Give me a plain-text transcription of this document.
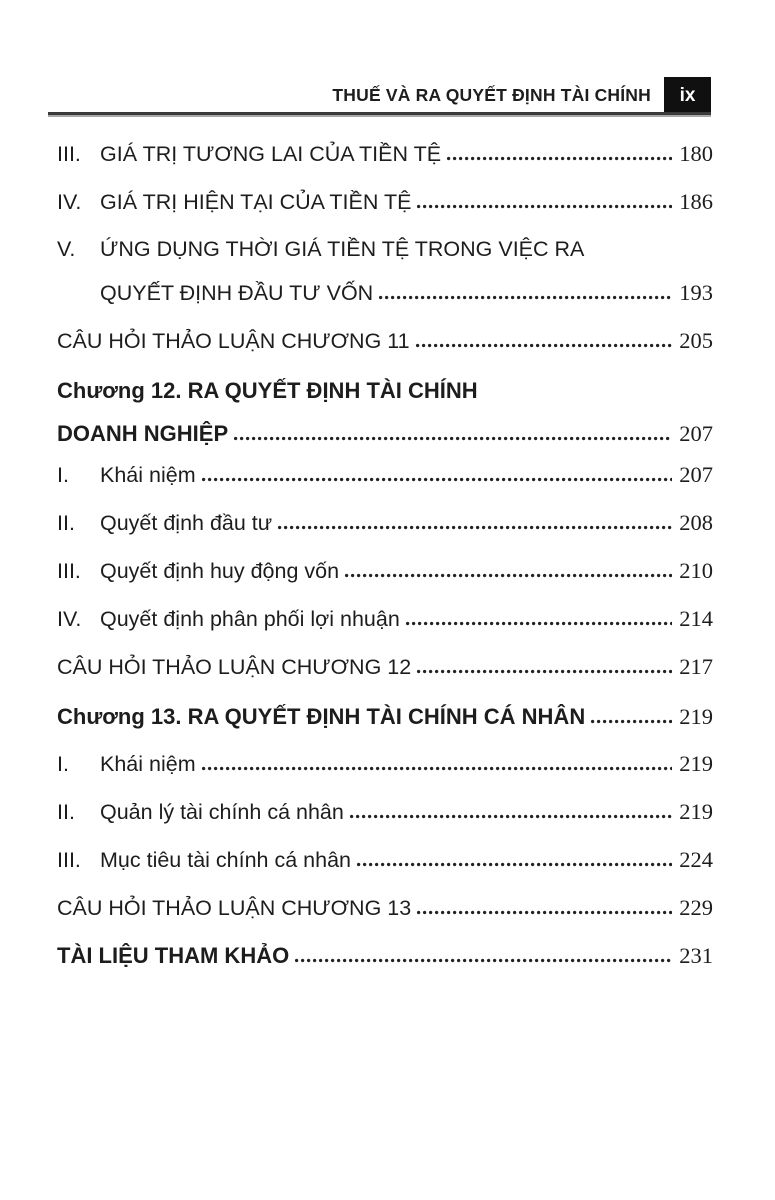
THUẾ VÀ RA QUYẾT ĐỊNH TÀI CHÍNH	ix
III. GIÁ TRỊ TƯƠNG LAI CỦA TIỀN TỆ	180
IV. GIÁ TRỊ HIỆN TẠI CỦA TIỀN TỆ	186
V.	ỨNG DỤNG THỜI GIÁ TIỀN TỆ TRONG VIỆC RA
QUYẾT ĐỊNH ĐẦU TƯ VỐN	193
CÂU HỎI THẢO LUẬN CHƯƠNG 11	205
Chương 12. RA QUYẾT ĐỊNH TÀI CHÍNH
DOANH NGHIỆP	207
I.	Khái niệm	207
II.	Quyết định đầu tư	208
III. Quyết định huy động vốn	210
IV. Quyết định phân phối lợi nhuận	214
CÂU HỎI THẢO LUẬN CHƯƠNG 12	217
Chương 13. RA QUYẾT ĐỊNH TÀI CHÍNH CÁ NHÂN	219
I.	Khái niệm	219
II.	Quản lý tài chính cá nhân	219
III. Mục tiêu tài chính cá nhân	224
CÂU HỎI THẢO LUẬN CHƯƠNG 13	229
TÀI LIỆU THAM KHẢO	231
